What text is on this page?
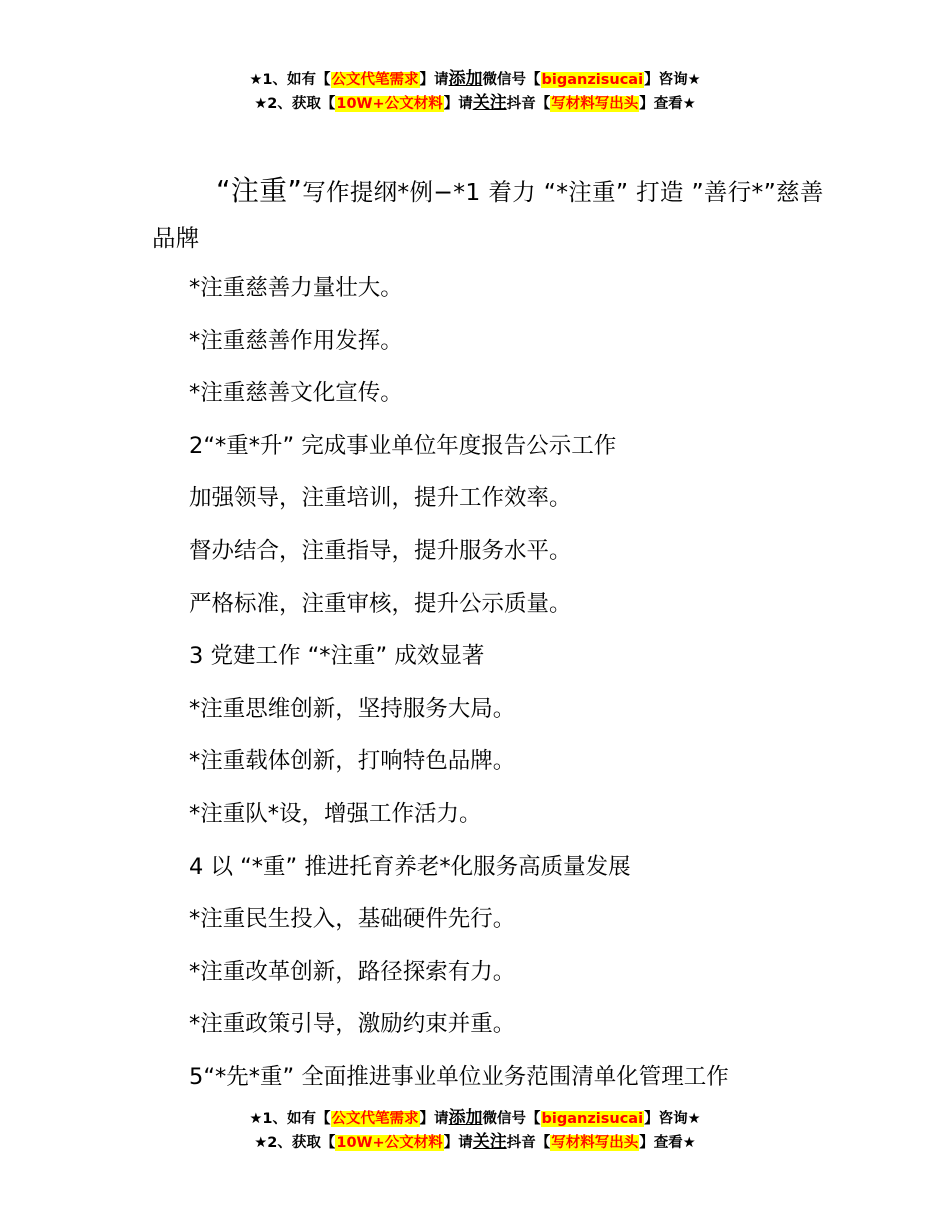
★1、如有【公文代笔需求】请添加微信号【biganzisucai】咨询★
★2、获取【10W+公文材料】请关注抖音【写材料写出头】查看★
“注重”写作提纲*例−*1 着力 “*注重” 打造 ”善行*”慈善品牌
*注重慈善力量壮大。
*注重慈善作用发挥。
*注重慈善文化宣传。
2“*重*升” 完成事业单位年度报告公示工作
加强领导，注重培训，提升工作效率。
督办结合，注重指导，提升服务水平。
严格标准，注重审核，提升公示质量。
3 党建工作 “*注重” 成效显著
*注重思维创新，坚持服务大局。
*注重载体创新，打响特色品牌。
*注重队*设，增强工作活力。
4 以 “*重” 推进托育养老*化服务高质量发展
*注重民生投入，基础硬件先行。
*注重改革创新，路径探索有力。
*注重政策引导，激励约束并重。
5“*先*重” 全面推进事业单位业务范围清单化管理工作
★1、如有【公文代笔需求】请添加微信号【biganzisucai】咨询★
★2、获取【10W+公文材料】请关注抖音【写材料写出头】查看★
